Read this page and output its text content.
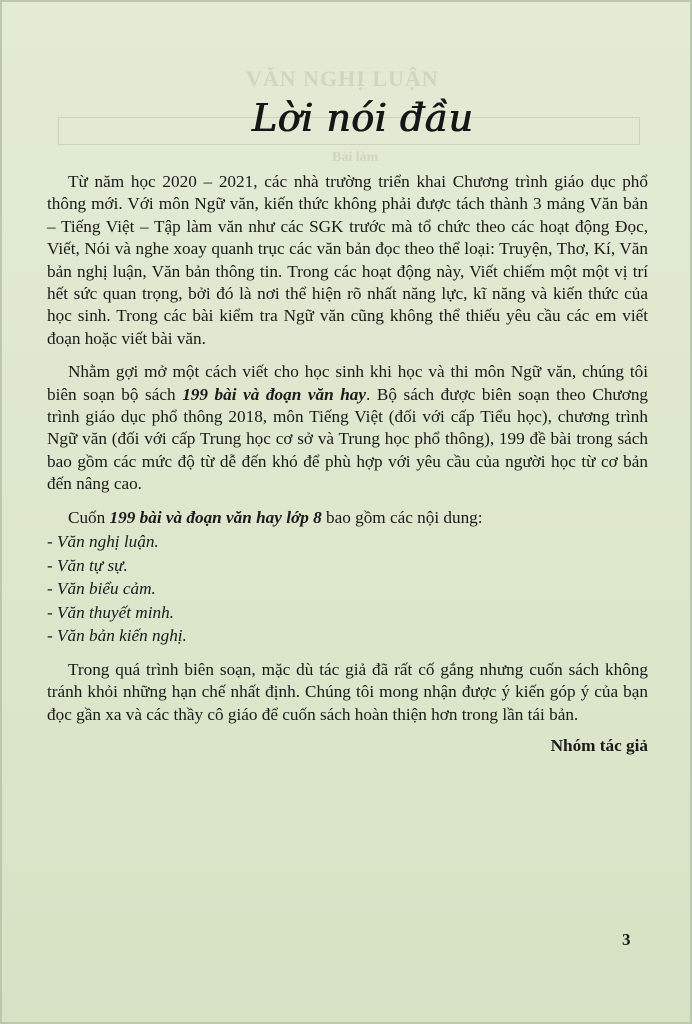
VĂN NGHỊ LUẬN
Bài làm
Lời nói đầu

Từ năm học 2020 – 2021, các nhà trường triển khai Chương trình giáo dục phổ thông mới. Với môn Ngữ văn, kiến thức không phải được tách thành 3 mảng Văn bản – Tiếng Việt – Tập làm văn như các SGK trước mà tổ chức theo các hoạt động Đọc, Viết, Nói và nghe xoay quanh trục các văn bản đọc theo thể loại: Truyện, Thơ, Kí, Văn bản nghị luận, Văn bản thông tin. Trong các hoạt động này, Viết chiếm một một vị trí hết sức quan trọng, bởi đó là nơi thể hiện rõ nhất năng lực, kĩ năng và kiến thức của học sinh. Trong các bài kiểm tra Ngữ văn cũng không thể thiếu yêu cầu các em viết đoạn hoặc viết bài văn.

Nhằm gợi mở một cách viết cho học sinh khi học và thi môn Ngữ văn, chúng tôi biên soạn bộ sách 199 bài và đoạn văn hay. Bộ sách được biên soạn theo Chương trình giáo dục phổ thông 2018, môn Tiếng Việt (đối với cấp Tiểu học), chương trình Ngữ văn (đối với cấp Trung học cơ sở và Trung học phổ thông), 199 đề bài trong sách bao gồm các mức độ từ dễ đến khó để phù hợp với yêu cầu của người học từ cơ bản đến nâng cao.

Cuốn 199 bài và đoạn văn hay lớp 8 bao gồm các nội dung:

- Văn nghị luận.
- Văn tự sự.
- Văn biểu cảm.
- Văn thuyết minh.
- Văn bản kiến nghị.

Trong quá trình biên soạn, mặc dù tác giả đã rất cố gắng nhưng cuốn sách không tránh khỏi những hạn chế nhất định. Chúng tôi mong nhận được ý kiến góp ý của bạn đọc gần xa và các thầy cô giáo để cuốn sách hoàn thiện hơn trong lần tái bản.

Nhóm tác giả
3
